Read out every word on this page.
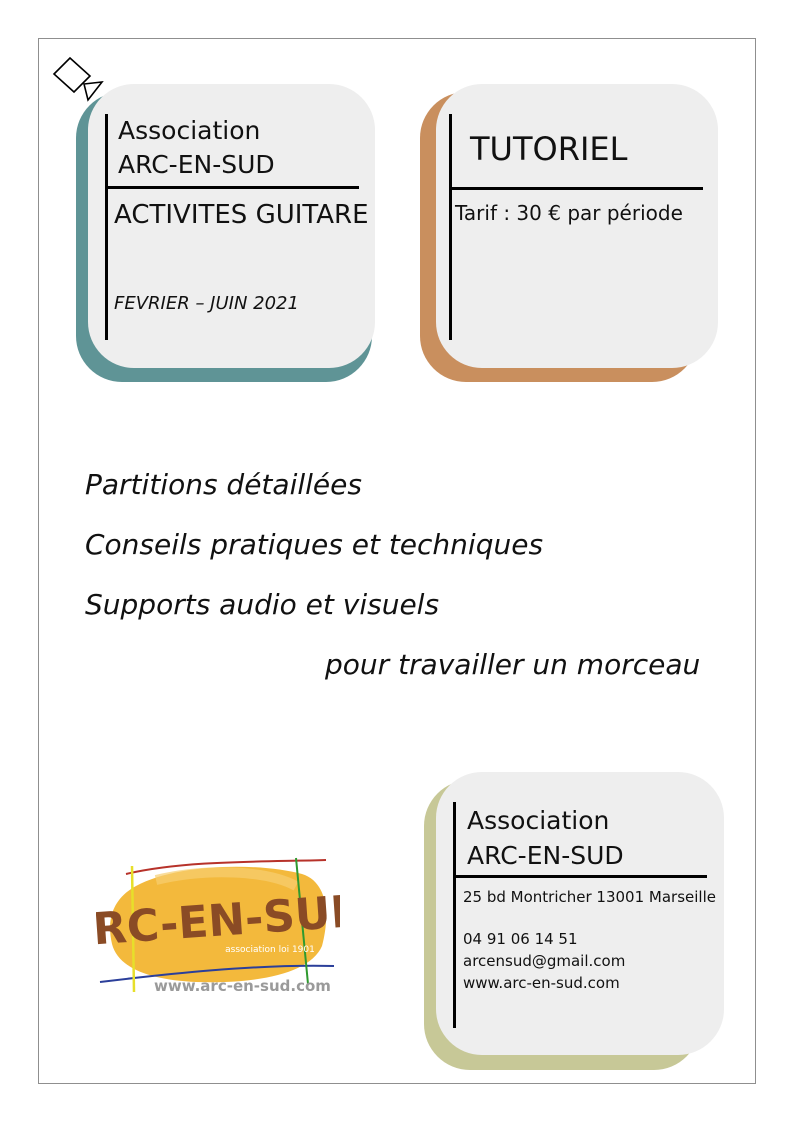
Association
ARC-EN-SUD
ACTIVITES GUITARE
FEVRIER – JUIN 2021
TUTORIEL
Tarif : 30 € par période
Partitions détaillées
Conseils pratiques et techniques
Supports audio et visuels
pour travailler un morceau
ARC-EN-SUD
association loi 1901
www.arc-en-sud.com
Association
ARC-EN-SUD
25 bd Montricher 13001 Marseille
04 91 06 14 51
arcensud@gmail.com
www.arc-en-sud.com
